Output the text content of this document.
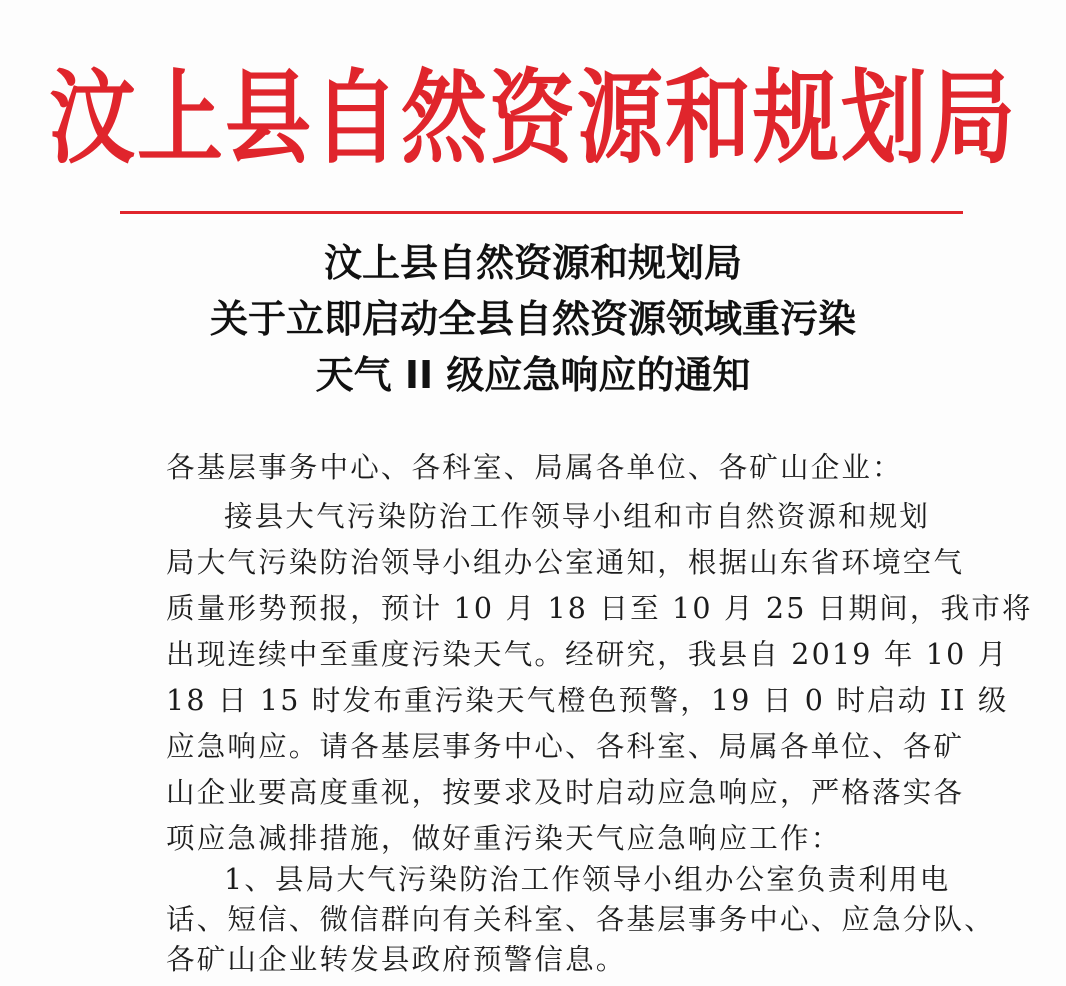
汶上县自然资源和规划局
汶上县自然资源和规划局
关于立即启动全县自然资源领域重污染
天气 II 级应急响应的通知
各基层事务中心、各科室、局属各单位、各矿山企业：
接县大气污染防治工作领导小组和市自然资源和规划
局大气污染防治领导小组办公室通知，根据山东省环境空气
质量形势预报，预计 10 月 18 日至 10 月 25 日期间，我市将
出现连续中至重度污染天气。经研究，我县自 2019 年 10 月
18 日 15 时发布重污染天气橙色预警，19 日 0 时启动 II 级
应急响应。请各基层事务中心、各科室、局属各单位、各矿
山企业要高度重视，按要求及时启动应急响应，严格落实各
项应急减排措施，做好重污染天气应急响应工作：
1、县局大气污染防治工作领导小组办公室负责利用电
话、短信、微信群向有关科室、各基层事务中心、应急分队、
各矿山企业转发县政府预警信息。
